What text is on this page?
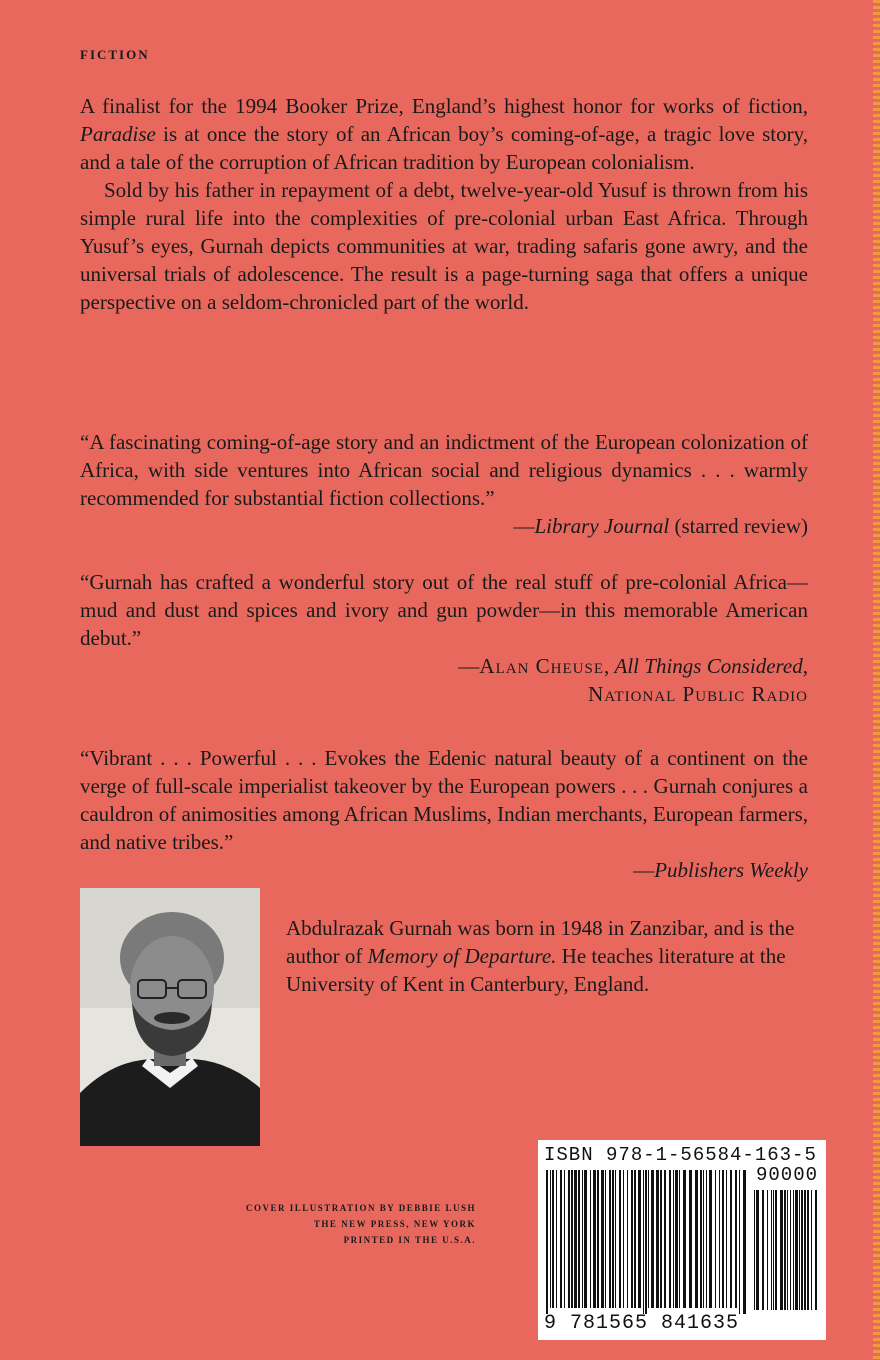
FICTION

A finalist for the 1994 Booker Prize, England’s highest honor for works of fiction, Paradise is at once the story of an African boy’s coming-of-age, a tragic love story, and a tale of the corruption of African tradition by European colonialism.

Sold by his father in repayment of a debt, twelve-year-old Yusuf is thrown from his simple rural life into the complexities of pre-colonial urban East Africa. Through Yusuf’s eyes, Gurnah depicts communities at war, trading safaris gone awry, and the universal trials of adolescence. The result is a page-turning saga that offers a unique perspective on a seldom-chronicled part of the world.

“A fascinating coming-of-age story and an indictment of the European colonization of Africa, with side ventures into African social and religious dynamics . . . warmly recommended for substantial fiction collections.”
—Library Journal (starred review)
“Gurnah has crafted a wonderful story out of the real stuff of pre-colonial Africa—mud and dust and spices and ivory and gun powder—in this memorable American debut.”
—Alan Cheuse, All Things Considered,
National Public Radio
“Vibrant . . . Powerful . . . Evokes the Edenic natural beauty of a continent on the verge of full-scale imperialist takeover by the European powers . . . Gurnah conjures a cauldron of animosities among African Muslims, Indian merchants, European farmers, and native tribes.”
—Publishers Weekly
Abdulrazak Gurnah was born in 1948 in Zanzibar, and is the author of Memory of Departure. He teaches literature at the University of Kent in Canterbury, England.
COVER ILLUSTRATION BY DEBBIE LUSH
THE NEW PRESS, NEW YORK
PRINTED IN THE U.S.A.
ISBN 978-1-56584-163-5
90000
9 781565 841635
